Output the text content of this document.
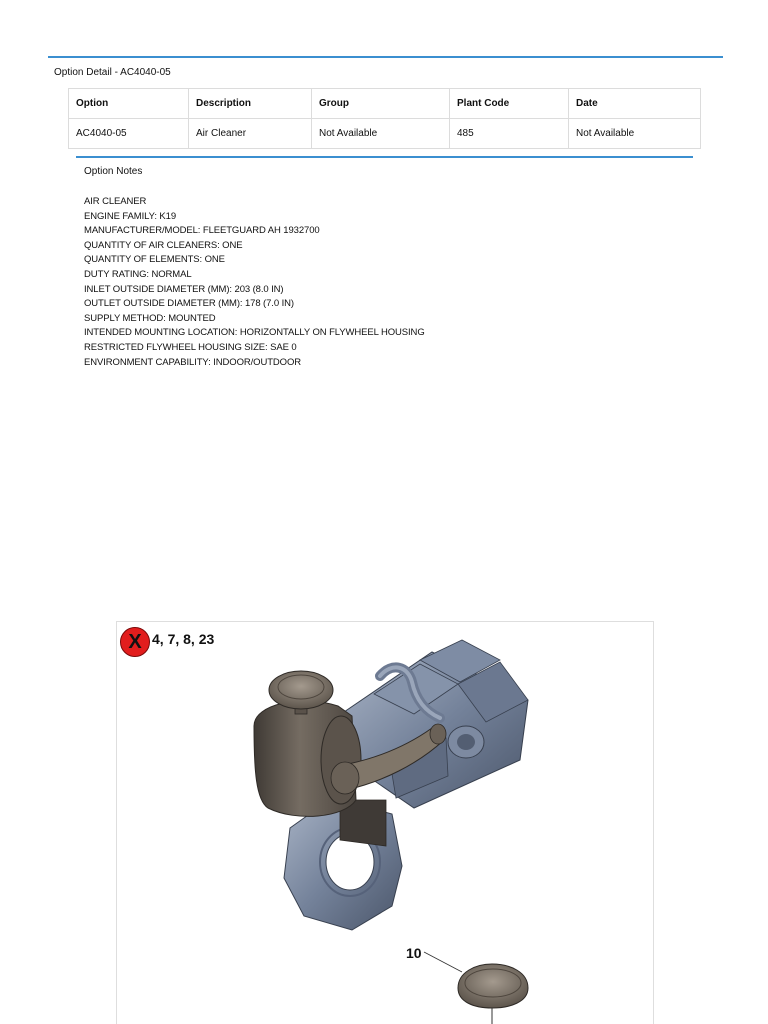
Option Detail - AC4040-05
Option	Description	Group	Plant Code	Date
AC4040-05	Air Cleaner	Not Available	485	Not Available
Option Notes
AIR CLEANER
ENGINE FAMILY: K19
MANUFACTURER/MODEL: FLEETGUARD AH 1932700
QUANTITY OF AIR CLEANERS: ONE
QUANTITY OF ELEMENTS: ONE
DUTY RATING: NORMAL
INLET OUTSIDE DIAMETER (MM): 203 (8.0 IN)
OUTLET OUTSIDE DIAMETER (MM): 178 (7.0 IN)
SUPPLY METHOD: MOUNTED
INTENDED MOUNTING LOCATION: HORIZONTALLY ON FLYWHEEL HOUSING
RESTRICTED FLYWHEEL HOUSING SIZE: SAE 0
ENVIRONMENT CAPABILITY: INDOOR/OUTDOOR
X 4, 7, 8, 23
10
